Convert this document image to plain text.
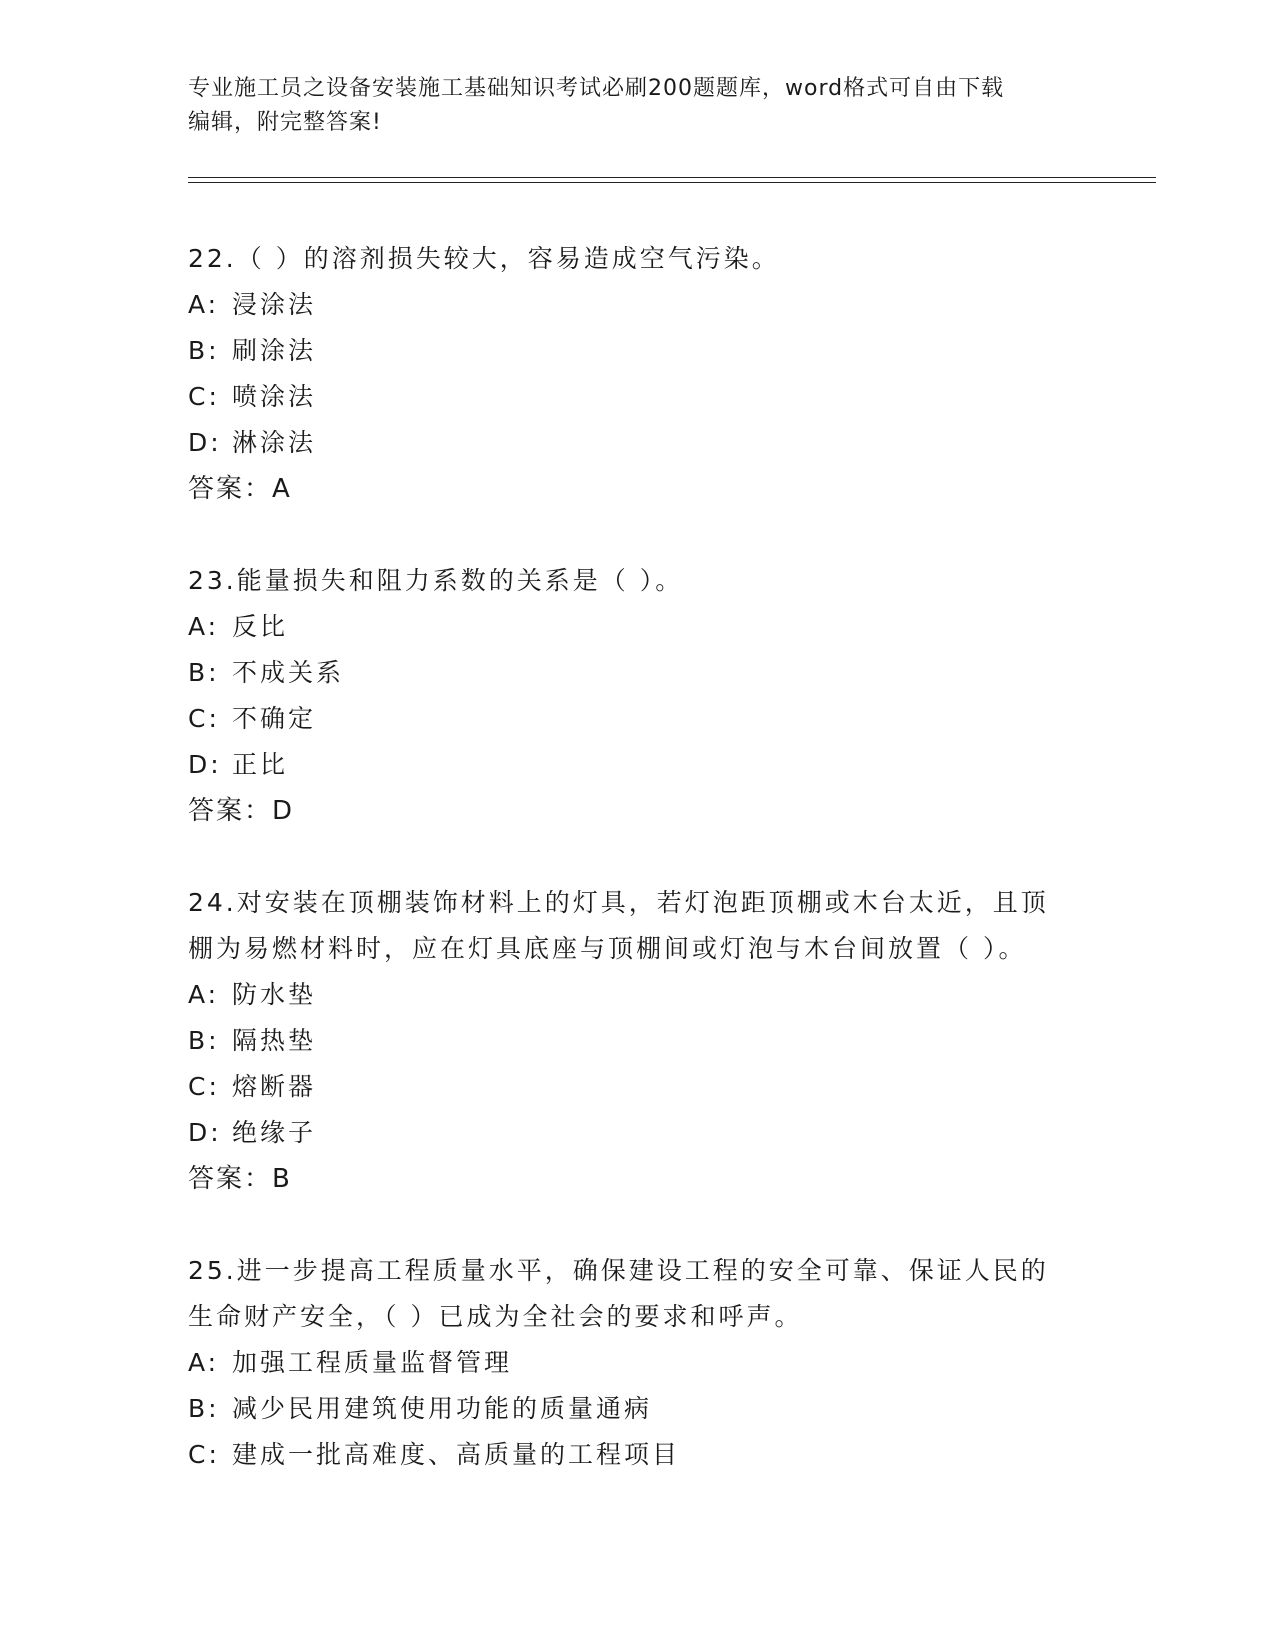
专业施工员之设备安装施工基础知识考试必刷200题题库，word格式可自由下载
编辑，附完整答案!
22.（ ）的溶剂损失较大，容易造成空气污染。
A: 浸涂法
B: 刷涂法
C: 喷涂法
D: 淋涂法
答案：A
23.能量损失和阻力系数的关系是（ ）。
A: 反比
B: 不成关系
C: 不确定
D: 正比
答案：D
24.对安装在顶棚装饰材料上的灯具，若灯泡距顶棚或木台太近，且顶
棚为易燃材料时，应在灯具底座与顶棚间或灯泡与木台间放置（ ）。
A: 防水垫
B: 隔热垫
C: 熔断器
D: 绝缘子
答案：B
25.进一步提高工程质量水平，确保建设工程的安全可靠、保证人民的
生命财产安全，（ ）已成为全社会的要求和呼声。
A: 加强工程质量监督管理
B: 减少民用建筑使用功能的质量通病
C: 建成一批高难度、高质量的工程项目
